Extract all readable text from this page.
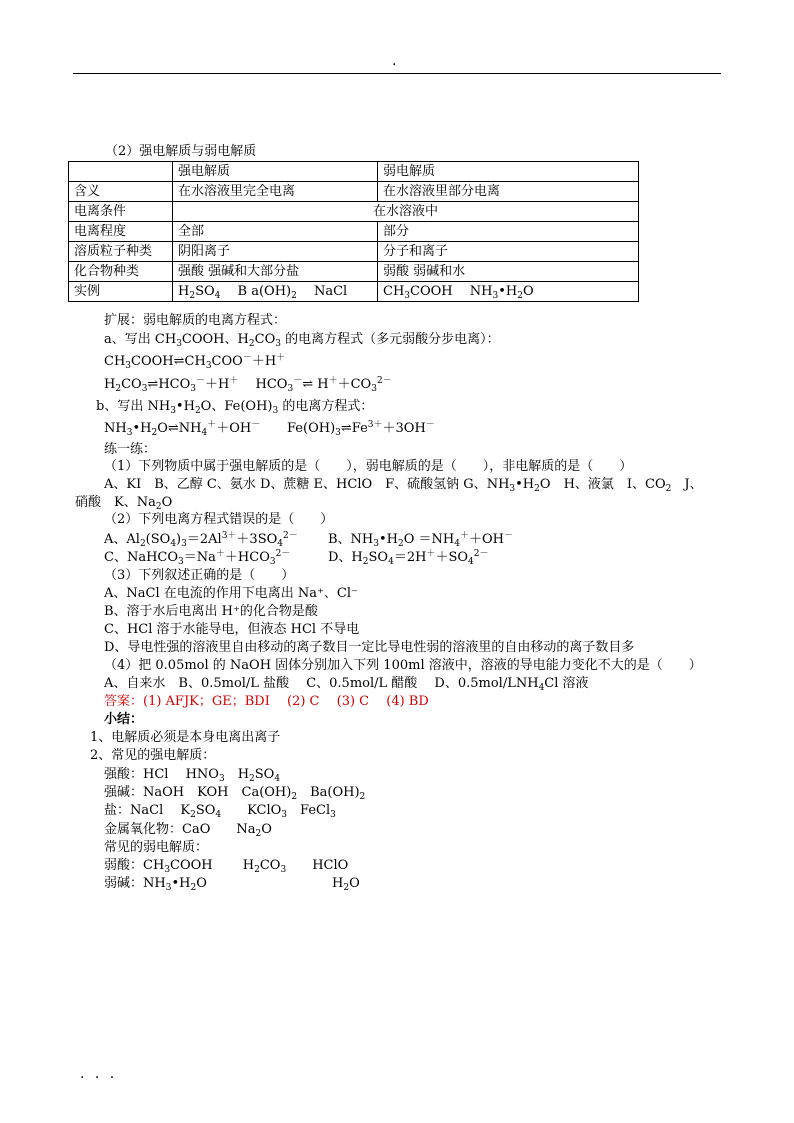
.
（2）强电解质与弱电解质
	强电解质	弱电解质
含义	在水溶液里完全电离	在水溶液里部分电离
电离条件	在水溶液中	
电离程度	全部	部分
溶质粒子种类	阴阳离子	分子和离子
化合物种类	强酸 强碱和大部分盐	弱酸 弱碱和水
实例	$H_2SO_4$　 B $a(OH)_2$　 NaCl	$CH_3COOH$　 $NH_3•H_2O$
扩展：弱电解质的电离方程式：
a、写出 $CH_3COOH$、$H_2CO_3$ 的电离方程式（多元弱酸分步电离）：
$CH_3COOH\rightleftharpoons CH_3COO^-+H^+$
$H_2CO_3\rightleftharpoons HCO_3^-+H^+$　 $HCO_3^-\rightleftharpoons$ $H^++CO_3^{2-}$
b、写出 $NH_3•H_2O$、$Fe(OH)_3$ 的电离方程式：
$NH_3•H_2O\rightleftharpoons NH_4^++OH^-$ $Fe(OH)_3\rightleftharpoons Fe^{3+}+3OH^-$
练一练：
（1）下列物质中属于强电解质的是（　　），弱电解质的是（　　），非电解质的是（　　）
A、KI　B、乙醇 C、氨水 D、蔗糖 E、HClO　F、硫酸氢钠 G、$NH_3•H_2O$　H、液氯　I、$CO_2$　J、
硝酸　K、$Na_2O$
（2）下列电离方程式错误的是（　　）
A、$Al_2(SO_4)_3=2Al^{3+}+3SO_4^{2-}$ B、$NH_3•H_2O =NH_4^++OH^-$
C、$NaHCO_3=Na^++HCO_3^{2-}$	D、$H_2SO_4=2H^++SO_4^{2-}$
（3）下列叙述正确的是（　　）
A、NaCl 在电流的作用下电离出 Na⁺、Cl⁻
B、溶于水后电离出 H⁺的化合物是酸
C、HCl 溶于水能导电，但液态 HCl 不导电
D、导电性强的溶液里自由移动的离子数目一定比导电性弱的溶液里的自由移动的离子数目多
（4）把 0.05mol 的 NaOH 固体分别加入下列 100ml 溶液中，溶液的导电能力变化不大的是（　　）
A、自来水　B、0.5mol/L 盐酸　 C、0.5mol/L 醋酸　 D、$0.5mol/LNH_4Cl$ 溶液
答案：(1) AFJK；GE；BDI　 (2) C　 (3) C　 (4) BD
小结：
1、电解质必须是本身电离出离子
2、常见的强电解质：
强酸：HCl　 $HNO_3$　$H_2SO_4$
强碱：NaOH　KOH　$Ca(OH)_2$　$Ba(OH)_2$
盐：NaCl　 $K_2SO_4$　　KClO$_3$　FeCl$_3$
金属氧化物：CaO　　$Na_2O$
常见的弱电解质：
弱酸：$CH_3COOH$　　 $H_2CO_3$　　HClO
弱碱：$NH_3•H_2O$	$H_2O$
. . .
